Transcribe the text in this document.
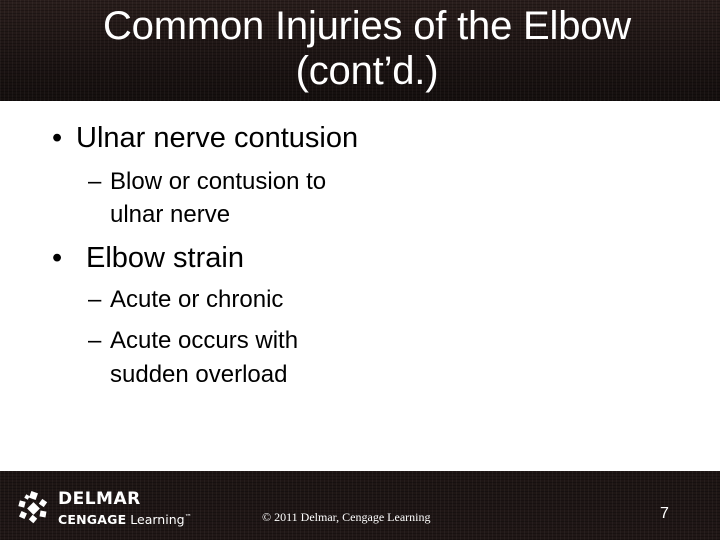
Common Injuries of the Elbow
(cont’d.)
• Ulnar nerve contusion
– Blow or contusion to
ulnar nerve
• Elbow strain
– Acute or chronic
– Acute occurs with
sudden overload
DELMAR
CENGAGE Learning™	© 2011 Delmar, Cengage Learning	7
